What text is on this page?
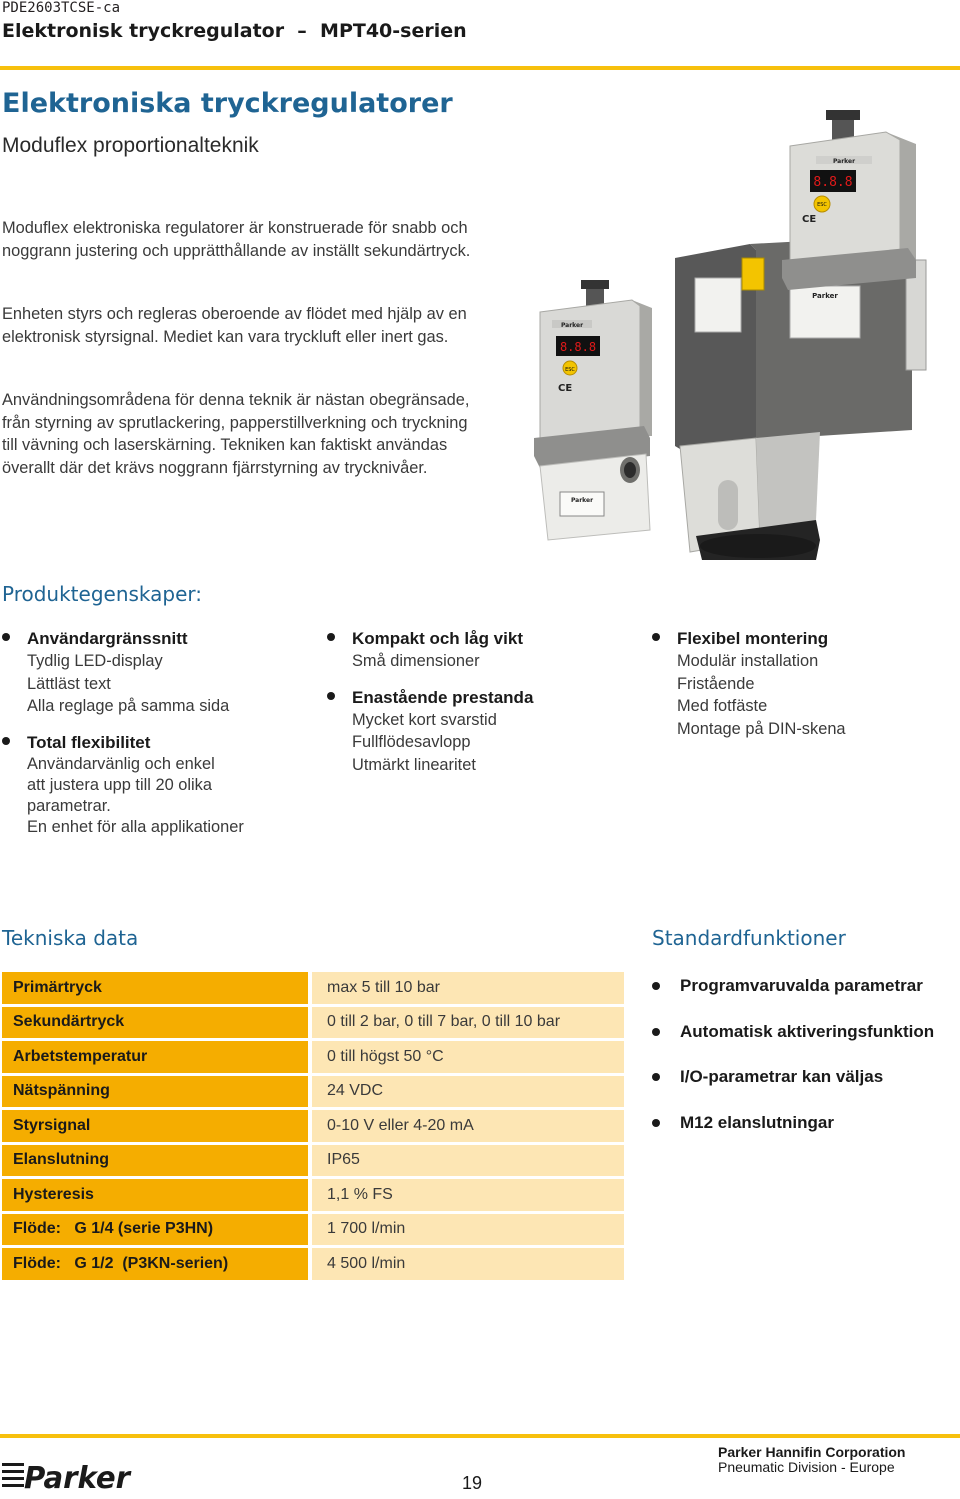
PDE2603TCSE-ca
Elektronisk tryckregulator  –  MPT40-serien
Elektroniska tryckregulatorer
Moduflex proportionalteknik

Moduflex elektroniska regulatorer är konstruerade för snabb och noggrann justering och upprätthållande av inställt sekundärtryck.

Enheten styrs och regleras oberoende av flödet med hjälp av en elektronisk styrsignal. Mediet kan vara tryckluft eller inert gas.

Användningsområdena för denna teknik är nästan obegränsade, från styrning av sprutlackering, papperstillverkning och tryckning till vävning och laserskärning. Tekniken kan faktiskt användas överallt där det krävs noggrann fjärrstyrning av trycknivåer.

8.8.8
ESC
CE
Parker
Parker
Parker
Parker
8.8.8
ESC
CE
Produktegenskaper:
Användargränssnitt
Tydlig LED-display
Lättläst text
Alla reglage på samma sida
Total flexibilitet
Användarvänlig och enkel
att justera upp till 20 olika
parametrar.
En enhet för alla applikationer
Kompakt och låg vikt
Små dimensioner
Enastående prestanda
Mycket kort svarstid
Fullflödesavlopp
Utmärkt linearitet
Flexibel montering
Modulär installation
Fristående
Med fotfäste
Montage på DIN-skena
Tekniska data
Primärtryck	max 5 till 10 bar
Sekundärtryck	0 till 2 bar, 0 till 7 bar, 0 till 10 bar
Arbetstemperatur	0 till högst 50 °C
Nätspänning	24 VDC
Styrsignal	0-10 V eller 4-20 mA
Elanslutning	IP65
Hysteresis	1,1 % FS
Flöde:   G 1/4 (serie P3HN)	1 700 l/min
Flöde:   G 1/2  (P3KN-serien)	4 500 l/min
Standardfunktioner
Programvaruvalda parametrar
Automatisk aktiveringsfunktion
I/O-parametrar kan väljas
M12 elanslutningar
Parker	19
Parker Hannifin Corporation
Pneumatic Division - Europe
